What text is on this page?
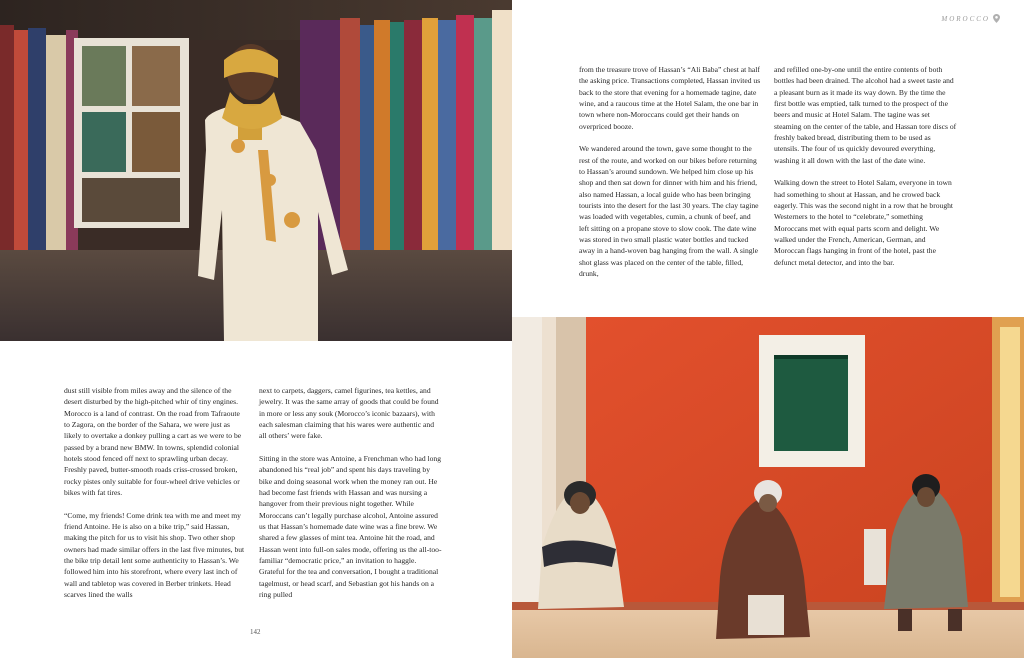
MOROCCO

dust still visible from miles away and the silence of the desert disturbed by the high-pitched whir of tiny engines. Morocco is a land of contrast. On the road from Tafraoute to Zagora, on the border of the Sahara, we were just as likely to overtake a donkey pulling a cart as we were to be passed by a brand new BMW. In towns, splendid colonial hotels stood fenced off next to sprawling urban decay. Freshly paved, butter-smooth roads criss-crossed broken, rocky pistes only suitable for four-wheel drive vehicles or bikes with fat tires.

“Come, my friends! Come drink tea with me and meet my friend Antoine. He is also on a bike trip,” said Hassan, making the pitch for us to visit his shop. Two other shop owners had made similar offers in the last five minutes, but the bike trip detail lent some authenticity to Hassan’s. We followed him into his storefront, where every last inch of wall and tabletop was covered in Berber trinkets. Head scarves lined the walls

next to carpets, daggers, camel figurines, tea kettles, and jewelry. It was the same array of goods that could be found in more or less any souk (Morocco’s iconic bazaars), with each salesman claiming that his wares were authentic and all others’ were fake.

Sitting in the store was Antoine, a Frenchman who had long abandoned his “real job” and spent his days traveling by bike and doing seasonal work when the money ran out. He had become fast friends with Hassan and was nursing a hangover from their previous night together. While Moroccans can’t legally purchase alcohol, Antoine assured us that Hassan’s homemade date wine was a fine brew. We shared a few glasses of mint tea. Antoine hit the road, and Hassan went into full-on sales mode, offering us the all-too-familiar “democratic price,” an invitation to haggle. Grateful for the tea and conversation, I bought a traditional tagelmust, or head scarf, and Sebastian got his hands on a ring pulled

from the treasure trove of Hassan’s “Ali Baba” chest at half the asking price. Transactions completed, Hassan invited us back to the store that evening for a homemade tagine, date wine, and a raucous time at the Hotel Salam, the one bar in town where non-Moroccans could get their hands on overpriced booze.

We wandered around the town, gave some thought to the rest of the route, and worked on our bikes before returning to Hassan’s around sundown. We helped him close up his shop and then sat down for dinner with him and his friend, also named Hassan, a local guide who has been bringing tourists into the desert for the last 30 years. The clay tagine was loaded with vegetables, cumin, a chunk of beef, and left sitting on a propane stove to slow cook. The date wine was stored in two small plastic water bottles and tucked away in a hand-woven bag hanging from the wall. A single shot glass was placed on the center of the table, filled, drunk,

and refilled one-by-one until the entire contents of both bottles had been drained. The alcohol had a sweet taste and a pleasant burn as it made its way down. By the time the first bottle was emptied, talk turned to the prospect of the beers and music at Hotel Salam. The tagine was set steaming on the center of the table, and Hassan tore discs of freshly baked bread, distributing them to be used as utensils. The four of us quickly devoured everything, washing it all down with the last of the date wine.

Walking down the street to Hotel Salam, everyone in town had something to shout at Hassan, and he crowed back eagerly. This was the second night in a row that he brought Westerners to the hotel to “celebrate,” something Moroccans met with equal parts scorn and delight. We walked under the French, American, German, and Moroccan flags hanging in front of the hotel, past the defunct metal detector, and into the bar.

142
